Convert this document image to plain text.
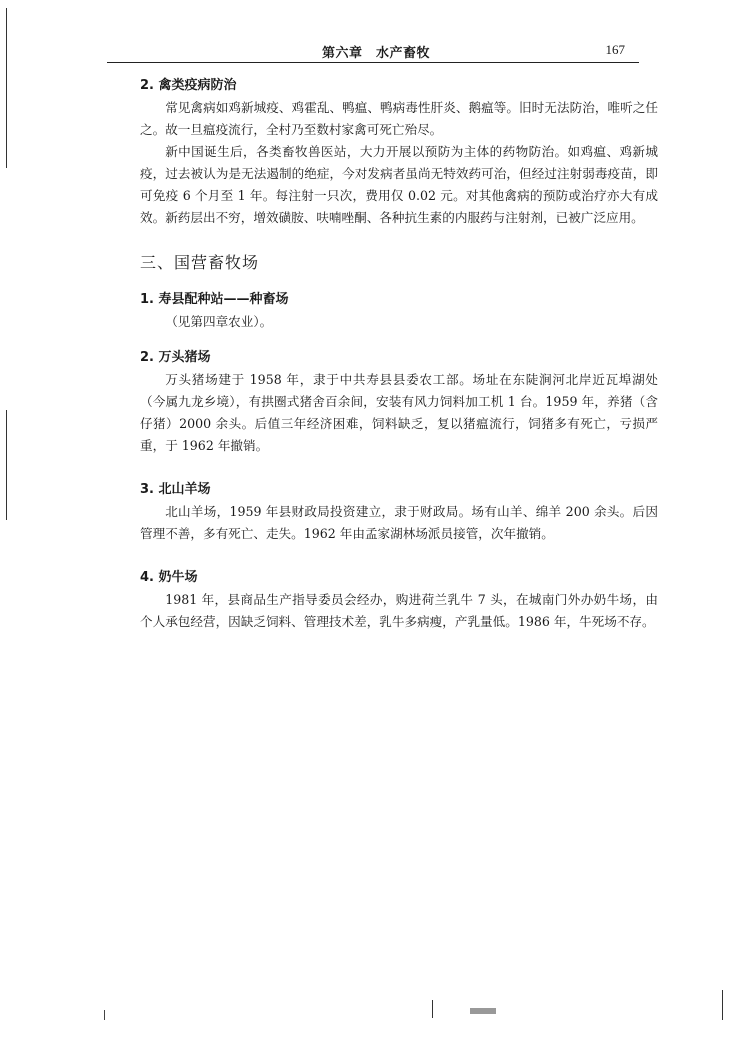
第六章　水产畜牧	167

2. 禽类疫病防治

常见禽病如鸡新城疫、鸡霍乱、鸭瘟、鸭病毒性肝炎、鹅瘟等。旧时无法防治，唯听之任之。故一旦瘟疫流行，全村乃至数村家禽可死亡殆尽。

新中国诞生后，各类畜牧兽医站，大力开展以预防为主体的药物防治。如鸡瘟、鸡新城疫，过去被认为是无法遏制的绝症，今对发病者虽尚无特效药可治，但经过注射弱毒疫苗，即可免疫 6 个月至 1 年。每注射一只次，费用仅 0.02 元。对其他禽病的预防或治疗亦大有成效。新药层出不穷，增效磺胺、呋喃唑酮、各种抗生素的内服药与注射剂，已被广泛应用。

三、国营畜牧场

1. 寿县配种站——种畜场

（见第四章农业）。

2. 万头猪场

万头猪场建于 1958 年，隶于中共寿县县委农工部。场址在东陡涧河北岸近瓦埠湖处（今属九龙乡境），有拱圈式猪舍百余间，安装有风力饲料加工机 1 台。1959 年，养猪（含仔猪）2000 余头。后值三年经济困难，饲料缺乏，复以猪瘟流行，饲猪多有死亡，亏损严重，于 1962 年撤销。

3. 北山羊场

北山羊场，1959 年县财政局投资建立，隶于财政局。场有山羊、绵羊 200 余头。后因管理不善，多有死亡、走失。1962 年由孟家湖林场派员接管，次年撤销。

4. 奶牛场

1981 年，县商品生产指导委员会经办，购进荷兰乳牛 7 头，在城南门外办奶牛场，由个人承包经营，因缺乏饲料、管理技术差，乳牛多病瘦，产乳量低。1986 年，牛死场不存。
